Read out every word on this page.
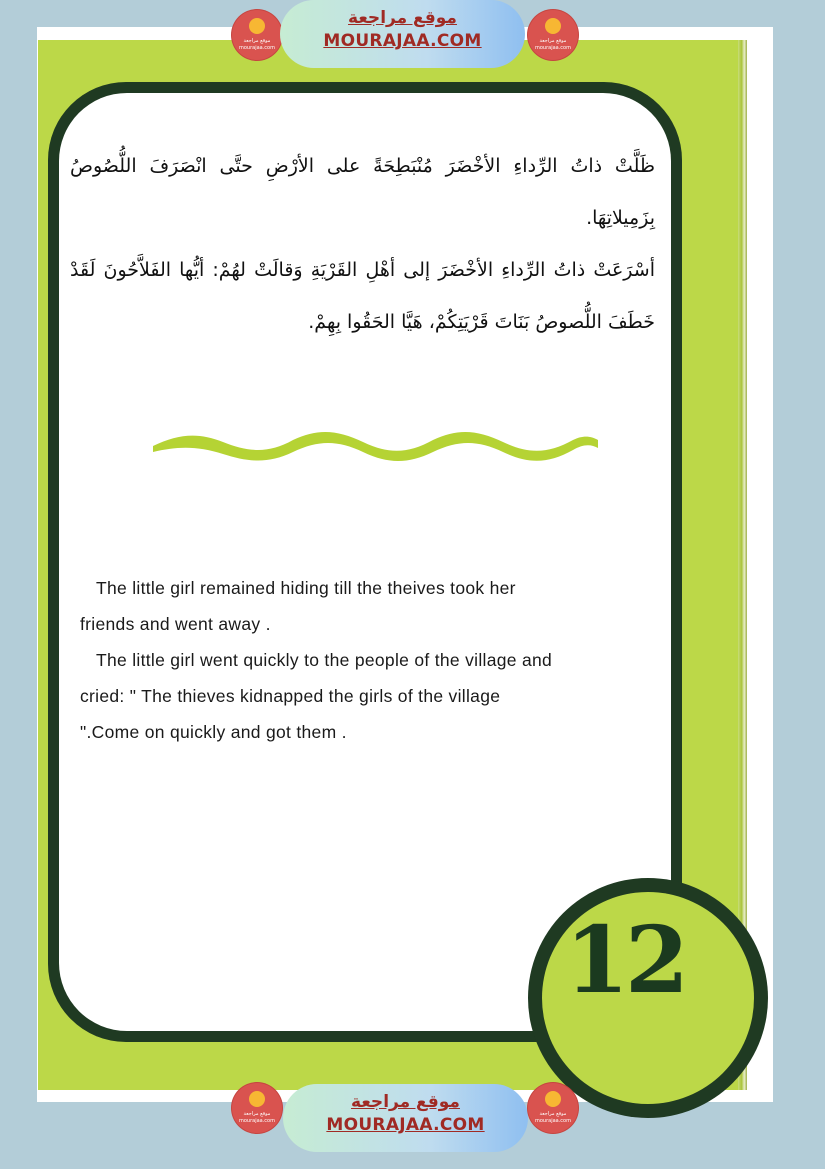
12

ظَلَّتْ ذاتُ الرِّداءِ الأخْضَرَ مُنْبَطِحَةً على الأرْضِ حتَّى انْصَرَفَ اللُّصُوصُ بِزَمِيلاتِهَا.

أسْرَعَتْ ذاتُ الرِّداءِ الأخْضَرَ إلى أهْلِ القَرْيَةِ وَقالَتْ لهُمْ: أيُّها الفَلاَّحُونَ لَقَدْ خَطَفَ اللُّصوصُ بَنَاتَ قَرْيَتِكُمْ، هَيَّا الحَقُوا بِهِمْ.

The little girl remained hiding till the theives took her

friends and went away .

The little girl went quickly to the people of the village and

cried: " The thieves kidnapped the girls of the village

".Come on quickly and got them .

موقع مراجعة
mourajaa.com
موقع مراجعة
MOURAJAA.COM	موقع مراجعة
mourajaa.com
موقع مراجعة
mourajaa.com
موقع مراجعة
MOURAJAA.COM
موقع مراجعة
mourajaa.com
